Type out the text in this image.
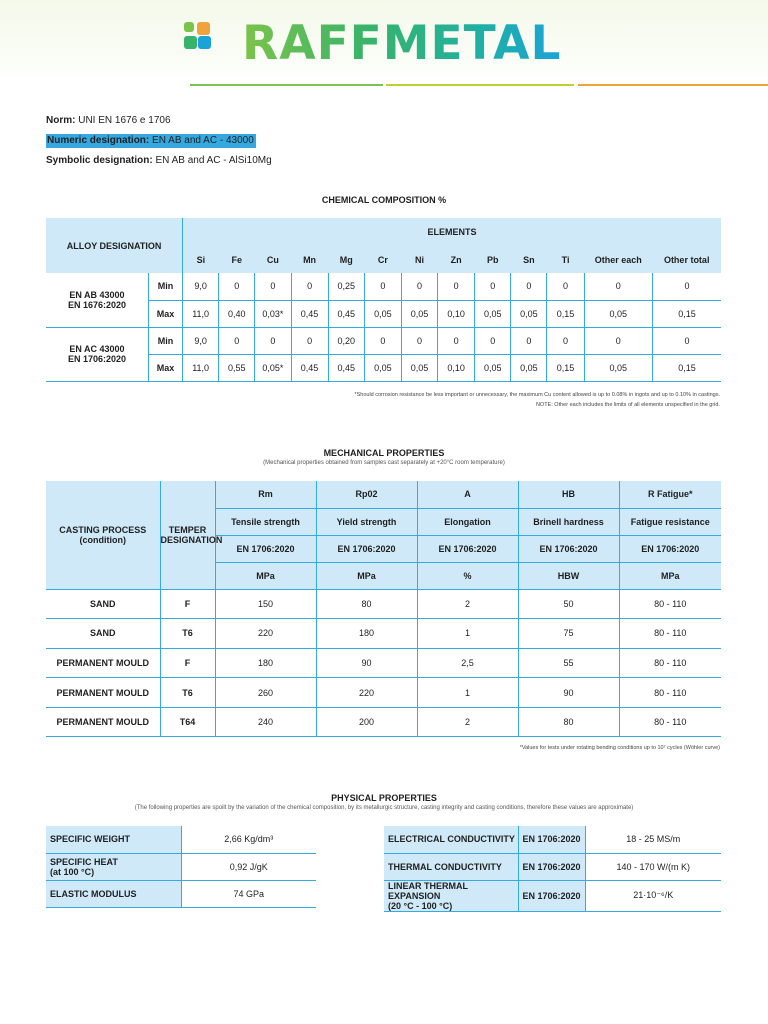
RAFFMETAL
Norm: UNI EN 1676 e 1706
Numeric designation: EN AB and AC - 43000
Symbolic designation: EN AB and AC - AlSi10Mg
CHEMICAL COMPOSITION %
ALLOY DESIGNATION		ELEMENTS												
		Si	Fe	Cu	Mn	Mg	Cr	Ni	Zn	Pb	Sn	Ti	Other each	Other total
EN AB 43000
EN 1676:2020	Min	9,0	0	0	0	0,25	0	0	0	0	0	0	0	0
	Max	11,0	0,40	0,03*	0,45	0,45	0,05	0,05	0,10	0,05	0,05	0,15	0,05	0,15
EN AC 43000
EN 1706:2020	Min	9,0	0	0	0	0,20	0	0	0	0	0	0	0	0
	Max	11,0	0,55	0,05*	0,45	0,45	0,05	0,05	0,10	0,05	0,05	0,15	0,05	0,15
*Should corrosion resistance be less important or unnecessary, the maximum Cu content allowed is up to 0.08% in ingots and up to 0.10% in castings.
NOTE: Other each includes the limits of all elements unspecified in the grid.
MECHANICAL PROPERTIES
(Mechanical properties obtained from samples cast separately at +20°C room temperature)
CASTING PROCESS
(condition)	TEMPER
DESIGNATION	Rm	Rp02	A	HB	R Fatigue*
		Tensile strength	Yield strength	Elongation	Brinell hardness	Fatigue resistance
		EN 1706:2020	EN 1706:2020	EN 1706:2020	EN 1706:2020	EN 1706:2020
		MPa	MPa	%	HBW	MPa
SAND	F	150	80	2	50	80 - 110
SAND	T6	220	180	1	75	80 - 110
PERMANENT MOULD	F	180	90	2,5	55	80 - 110
PERMANENT MOULD	T6	260	220	1	90	80 - 110
PERMANENT MOULD	T64	240	200	2	80	80 - 110
*Values for tests under rotating bending conditions up to 10⁷ cycles (Wöhler curve)
PHYSICAL PROPERTIES
(The following properties are spoilt by the variation of the chemical composition, by its metallurgic structure, casting integrity and casting conditions, therefore these values are approximate)
SPECIFIC WEIGHT	2,66 Kg/dm³
SPECIFIC HEAT
(at 100 °C)	0,92 J/gK
ELASTIC MODULUS	74 GPa
ELECTRICAL CONDUCTIVITY	EN 1706:2020	18 - 25 MS/m
THERMAL CONDUCTIVITY	EN 1706:2020	140 - 170 W/(m K)
LINEAR THERMAL EXPANSION
(20 °C - 100 °C)	EN 1706:2020	21·10⁻⁶/K
